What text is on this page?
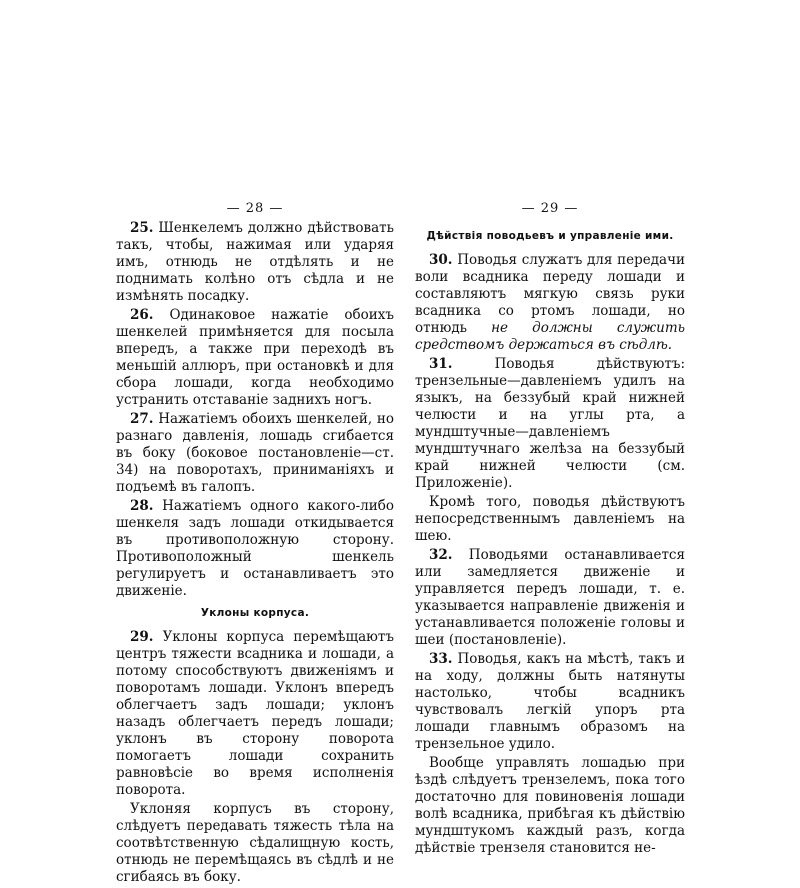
— 28 —

25. Шенкелемъ должно дѣйствовать такъ, чтобы, нажимая или ударяя имъ, отнюдь не отдѣлять и не поднимать колѣно отъ сѣдла и не измѣнять посадку.

26. Одинаковое нажатіе обоихъ шенкелей примѣняется для посыла впередъ, а также при переходѣ въ меньшій аллюръ, при остановкѣ и для сбора лошади, когда необходимо устранить отставаніе заднихъ ногъ.

27. Нажатіемъ обоихъ шенкелей, но разнаго давленія, лошадь сгибается въ боку (боковое постановленіе—ст. 34) на поворотахъ, приниманіяхъ и подъемѣ въ галопъ.

28. Нажатіемъ одного какого-либо шенкеля задъ лошади откидывается въ противоположную сторону. Противоположный шенкель регулируетъ и останавливаетъ это движеніе.

Уклоны корпуса.

29. Уклоны корпуса перемѣщаютъ центръ тяжести всадника и лошади, а потому способствуютъ движеніямъ и поворотамъ лошади. Уклонъ впередъ облегчаетъ задъ лошади; уклонъ назадъ облегчаетъ передъ лошади; уклонъ въ сторону поворота помогаетъ лошади сохранить равновѣсіе во время исполненія поворота.

Уклоняя корпусъ въ сторону, слѣдуетъ передавать тяжесть тѣла на соотвѣтственную сѣдалищную кость, отнюдь не перемѣщаясь въ сѣдлѣ и не сгибаясь въ боку.

— 29 —
Дѣйствія поводьевъ и управленіе ими.

30. Поводья служатъ для передачи воли всадника переду лошади и составляютъ мягкую связь руки всадника со ртомъ лошади, но отнюдь не должны служить средствомъ держаться въ сѣдлѣ.

31. Поводья дѣйствуютъ: трензельные—давленіемъ удилъ на языкъ, на беззубый край нижней челюсти и на углы рта, а мундштучные—давленіемъ мундштучнаго желѣза на беззубый край нижней челюсти (см. Приложеніе).

Кромѣ того, поводья дѣйствуютъ непосредственнымъ давленіемъ на шею.

32. Поводьями останавливается или замедляется движеніе и управляется передъ лошади, т. е. указывается направленіе движенія и устанавливается положеніе головы и шеи (постановленіе).

33. Поводья, какъ на мѣстѣ, такъ и на ходу, должны быть натянуты настолько, чтобы всадникъ чувствовалъ легкій упоръ рта лошади главнымъ образомъ на трензельное удило.

Вообще управлять лошадью при ѣздѣ слѣдуетъ трензелемъ, пока того достаточно для повиновенія лошади волѣ всадника, прибѣгая къ дѣйствію мундштукомъ каждый разъ, когда дѣйствіе трензеля становится не-
